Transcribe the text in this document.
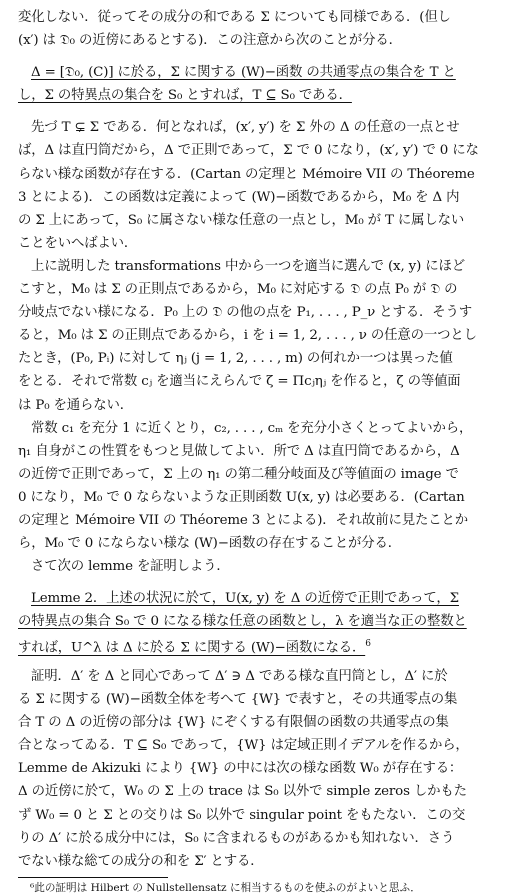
変化しない．従ってその成分の和である Σ についても同様である．(但し
(x′) は 𝔇₀ の近傍にあるとする)．この注意から次のことが分る．
Δ = [𝔇₀, (C)] に於る，Σ に関する (W)−函数 の共通零点の集合を T と
し，Σ の特異点の集合を S₀ とすれば，T ⊆ S₀ である．
先づ T ⊊ Σ である．何となれば，(x′, y′) を Σ 外の Δ の任意の一点とせ
ば，Δ は直円筒だから，Δ で正則であって，Σ で 0 になり，(x′, y′) で 0 にな
らない様な函数が存在する．(Cartan の定理と Mémoire VII の Théoreme
3 とによる)．この函数は定義によって (W)−函数であるから，M₀ を Δ 内
の Σ 上にあって，S₀ に属さない様な任意の一点とし，M₀ が T に属しない
ことをいへばよい．
上に説明した transformations 中から一つを適当に選んで (x, y) にほど
こすと，M₀ は Σ の正則点であるから，M₀ に対応する 𝔇 の点 P₀ が 𝔇 の
分岐点でない様になる．P₀ 上の 𝔇 の他の点を P₁, . . . , P_ν とする．そうす
ると，M₀ は Σ の正則点であるから，i を i = 1, 2, . . . , ν の任意の一つとし
たとき，(P₀, Pᵢ) に対して ηⱼ (j = 1, 2, . . . , m) の何れか一つは異った値
をとる．それで常数 cⱼ を適当にえらんで ζ = Πcⱼηⱼ を作ると，ζ の等値面
は P₀ を通らない．
常数 c₁ を充分 1 に近くとり，c₂, . . . , cₘ を充分小さくとってよいから，
η₁ 自身がこの性質をもつと見做してよい．所で Δ は直円筒であるから，Δ
の近傍で正則であって，Σ 上の η₁ の第二種分岐面及び等値面の image で
0 になり，M₀ で 0 ならないような正則函数 U(x, y) は必要ある．(Cartan
の定理と Mémoire VII の Théoreme 3 とによる)．それ故前に見たことか
ら，M₀ で 0 にならない様な (W)−函数の存在することが分る．
さて次の lemme を証明しよう．
Lemme 2．上述の状況に於て，U(x, y) を Δ の近傍で正則であって，Σ
の特異点の集合 S₀ で 0 になる様な任意の函数とし，λ を適当な正の整数と
すれば，U^λ は Δ に於る Σ に関する (W)−函数になる．$^6$
証明．Δ′ を Δ と同心であって Δ′ ∋ Δ である様な直円筒とし，Δ′ に於
る Σ に関する (W)−函数全体を考へて {W} で表すと，その共通零点の集
合 T の Δ の近傍の部分は {W} にぞくする有限個の函数の共通零点の集
合となってゐる．T ⊆ S₀ であって，{W} は定域正則イデアルを作るから，
Lemme de Akizuki により {W} の中には次の様な函数 W₀ が存在する：
Δ の近傍に於て，W₀ の Σ 上の trace は S₀ 以外で simple zeros しかもた
ず W₀ = 0 と Σ との交りは S₀ 以外で singular point をもたない．この交
りの Δ′ に於る成分中には，S₀ に含まれるものがあるかも知れない．さう
でない様な総ての成分の和を Σ′ とする．
⁶此の証明は Hilbert の Nullstellensatz に相当するものを使ふのがよいと思ふ．
